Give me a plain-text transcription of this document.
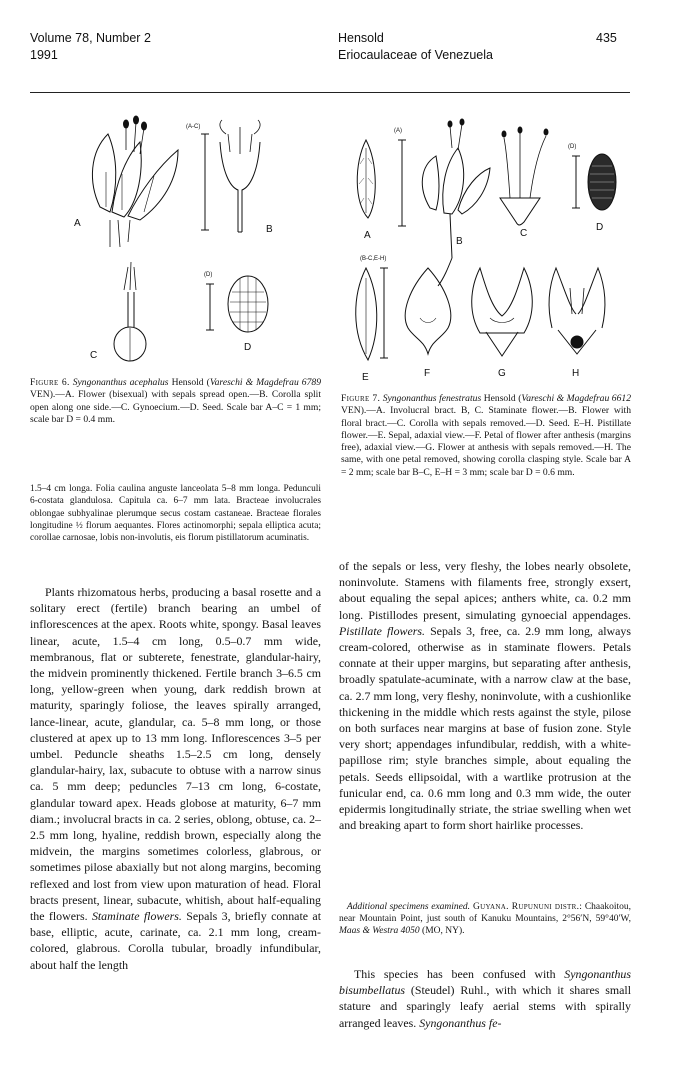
Volume 78, Number 2
1991
Hensold
Eriocaulaceae of Venezuela
435
A
(A-C)
B
C
(D)
D
Figure 6. Syngonanthus acephalus Hensold (Vareschi & Magdefrau 6789 VEN).—A. Flower (bisexual) with sepals spread open.—B. Corolla split open along one side.—C. Gynoecium.—D. Seed. Scale bar A–C = 1 mm; scale bar D = 0.4 mm.
A
(A)
B
C
(D)
D
(B-C,E-H)
E	F	G	H
Figure 7. Syngonanthus fenestratus Hensold (Vareschi & Magdefrau 6612 VEN).—A. Involucral bract. B, C. Staminate flower.—B. Flower with floral bract.—C. Corolla with sepals removed.—D. Seed. E–H. Pistillate flower.—E. Sepal, adaxial view.—F. Petal of flower after anthesis (margins free), adaxial view.—G. Flower at anthesis with sepals removed.—H. The same, with one petal removed, showing corolla clasping style. Scale bar A = 2 mm; scale bar B–C, E–H = 3 mm; scale bar D = 0.6 mm.
1.5–4 cm longa. Folia caulina anguste lanceolata 5–8 mm longa. Pedunculi 6-costata glandulosa. Capitula ca. 6–7 mm lata. Bracteae involucrales oblongae subhyalinae plerumque secus costam castaneae. Bracteae florales longitudine ½ florum aequantes. Flores actinomorphi; sepala elliptica acuta; corollae carnosae, lobis non-involutis, eis florum pistillatorum acuminatis.

Plants rhizomatous herbs, producing a basal rosette and a solitary erect (fertile) branch bearing an umbel of inflorescences at the apex. Roots white, spongy. Basal leaves linear, acute, 1.5–4 cm long, 0.5–0.7 mm wide, membranous, flat or subterete, fenestrate, glandular-hairy, the midvein prominently thickened. Fertile branch 3–6.5 cm long, yellow-green when young, dark reddish brown at maturity, sparingly foliose, the leaves spirally arranged, lance-linear, acute, glandular, ca. 5–8 mm long, or those clustered at apex up to 13 mm long. Inflorescences 3–5 per umbel. Peduncle sheaths 1.5–2.5 cm long, densely glandular-hairy, lax, subacute to obtuse with a narrow sinus ca. 5 mm deep; peduncles 7–13 cm long, 6-costate, glandular toward apex. Heads globose at maturity, 6–7 mm diam.; involucral bracts in ca. 2 series, oblong, obtuse, ca. 2–2.5 mm long, hyaline, reddish brown, especially along the midvein, the margins sometimes colorless, glabrous, or sometimes pilose abaxially but not along margins, becoming reflexed and lost from view upon maturation of head. Floral bracts present, linear, subacute, whitish, about half-equaling the flowers. Staminate flowers. Sepals 3, briefly connate at base, elliptic, acute, carinate, ca. 2.1 mm long, cream-colored, glabrous. Corolla tubular, broadly infundibular, about half the length

of the sepals or less, very fleshy, the lobes nearly obsolete, noninvolute. Stamens with filaments free, strongly exsert, about equaling the sepal apices; anthers white, ca. 0.2 mm long. Pistillodes present, simulating gynoecial appendages. Pistillate flowers. Sepals 3, free, ca. 2.9 mm long, always cream-colored, otherwise as in staminate flowers. Petals connate at their upper margins, but separating after anthesis, broadly spatulate-acuminate, with a narrow claw at the base, ca. 2.7 mm long, very fleshy, noninvolute, with a cushionlike thickening in the middle which rests against the style, pilose on both surfaces near margins at base of fusion zone. Style very short; appendages infundibular, reddish, with a white-papillose rim; style branches simple, about equaling the petals. Seeds ellipsoidal, with a wartlike protrusion at the funicular end, ca. 0.6 mm long and 0.3 mm wide, the outer epidermis longitudinally striate, the striae swelling when wet and breaking apart to form short hairlike processes.

Additional specimens examined. Guyana. Rupununi distr.: Chaakoitou, near Mountain Point, just south of Kanuku Mountains, 2°56′N, 59°40′W, Maas & Westra 4050 (MO, NY).

This species has been confused with Syngonanthus bisumbellatus (Steudel) Ruhl., with which it shares small stature and sparingly leafy aerial stems with spirally arranged leaves. Syngonanthus fe-
